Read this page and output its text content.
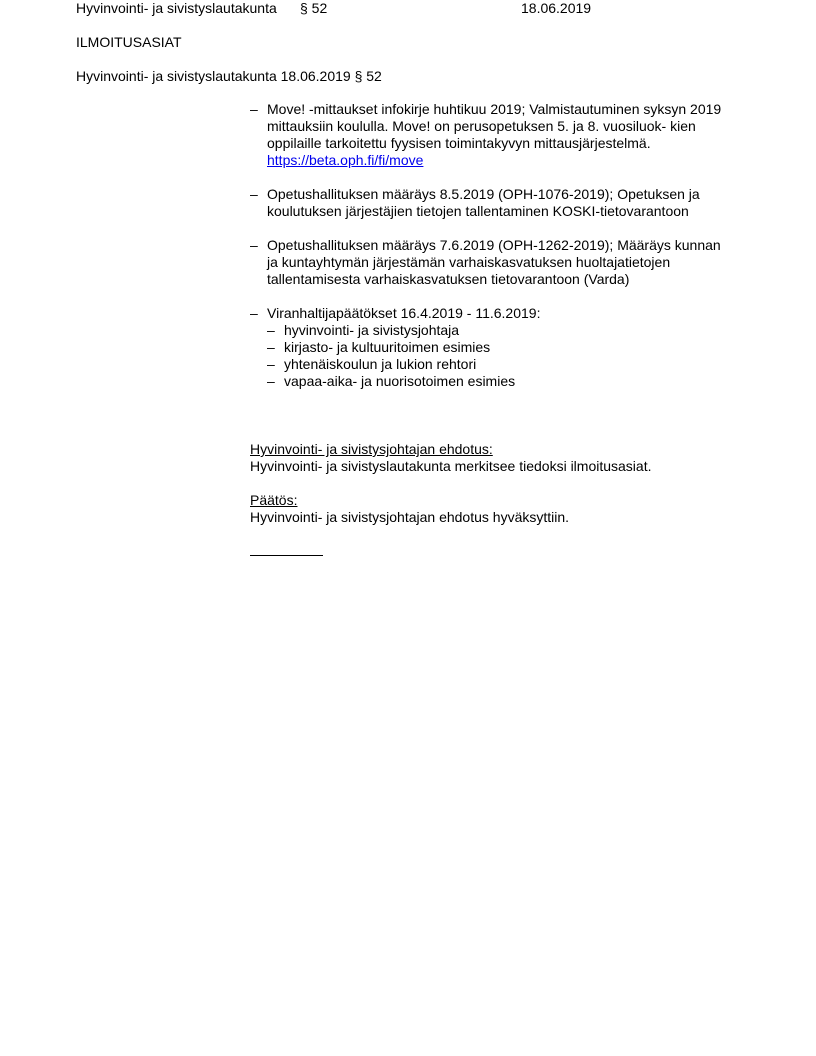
Hyvinvointi- ja sivistyslautakunta § 52	18.06.2019
ILMOITUSASIAT
Hyvinvointi- ja sivistyslautakunta 18.06.2019 § 52
– Move! -mittaukset infokirje huhtikuu 2019; Valmistautuminen syksyn 2019 mittauksiin koululla. Move! on perusopetuksen 5. ja 8. vuosiluok- kien oppilaille tarkoitettu fyysisen toimintakyvyn mittausjärjestelmä.

https://beta.oph.fi/fi/move
– Opetushallituksen määräys 8.5.2019 (OPH-1076-2019); Opetuksen ja koulutuksen järjestäjien tietojen tallentaminen KOSKI-tietovarantoon

– Opetushallituksen määräys 7.6.2019 (OPH-1262-2019); Määräys kunnan ja kuntayhtymän järjestämän varhaiskasvatuksen huoltajatietojen tallentamisesta varhaiskasvatuksen tietovarantoon (Varda)

– Viranhaltijapäätökset 16.4.2019 - 11.6.2019:

– hyvinvointi- ja sivistysjohtaja
– kirjasto- ja kultuuritoimen esimies
– yhtenäiskoulun ja lukion rehtori
– vapaa-aika- ja nuorisotoimen esimies
Hyvinvointi- ja sivistysjohtajan ehdotus:
Hyvinvointi- ja sivistyslautakunta merkitsee tiedoksi ilmoitusasiat.
Päätös:
Hyvinvointi- ja sivistysjohtajan ehdotus hyväksyttiin.
